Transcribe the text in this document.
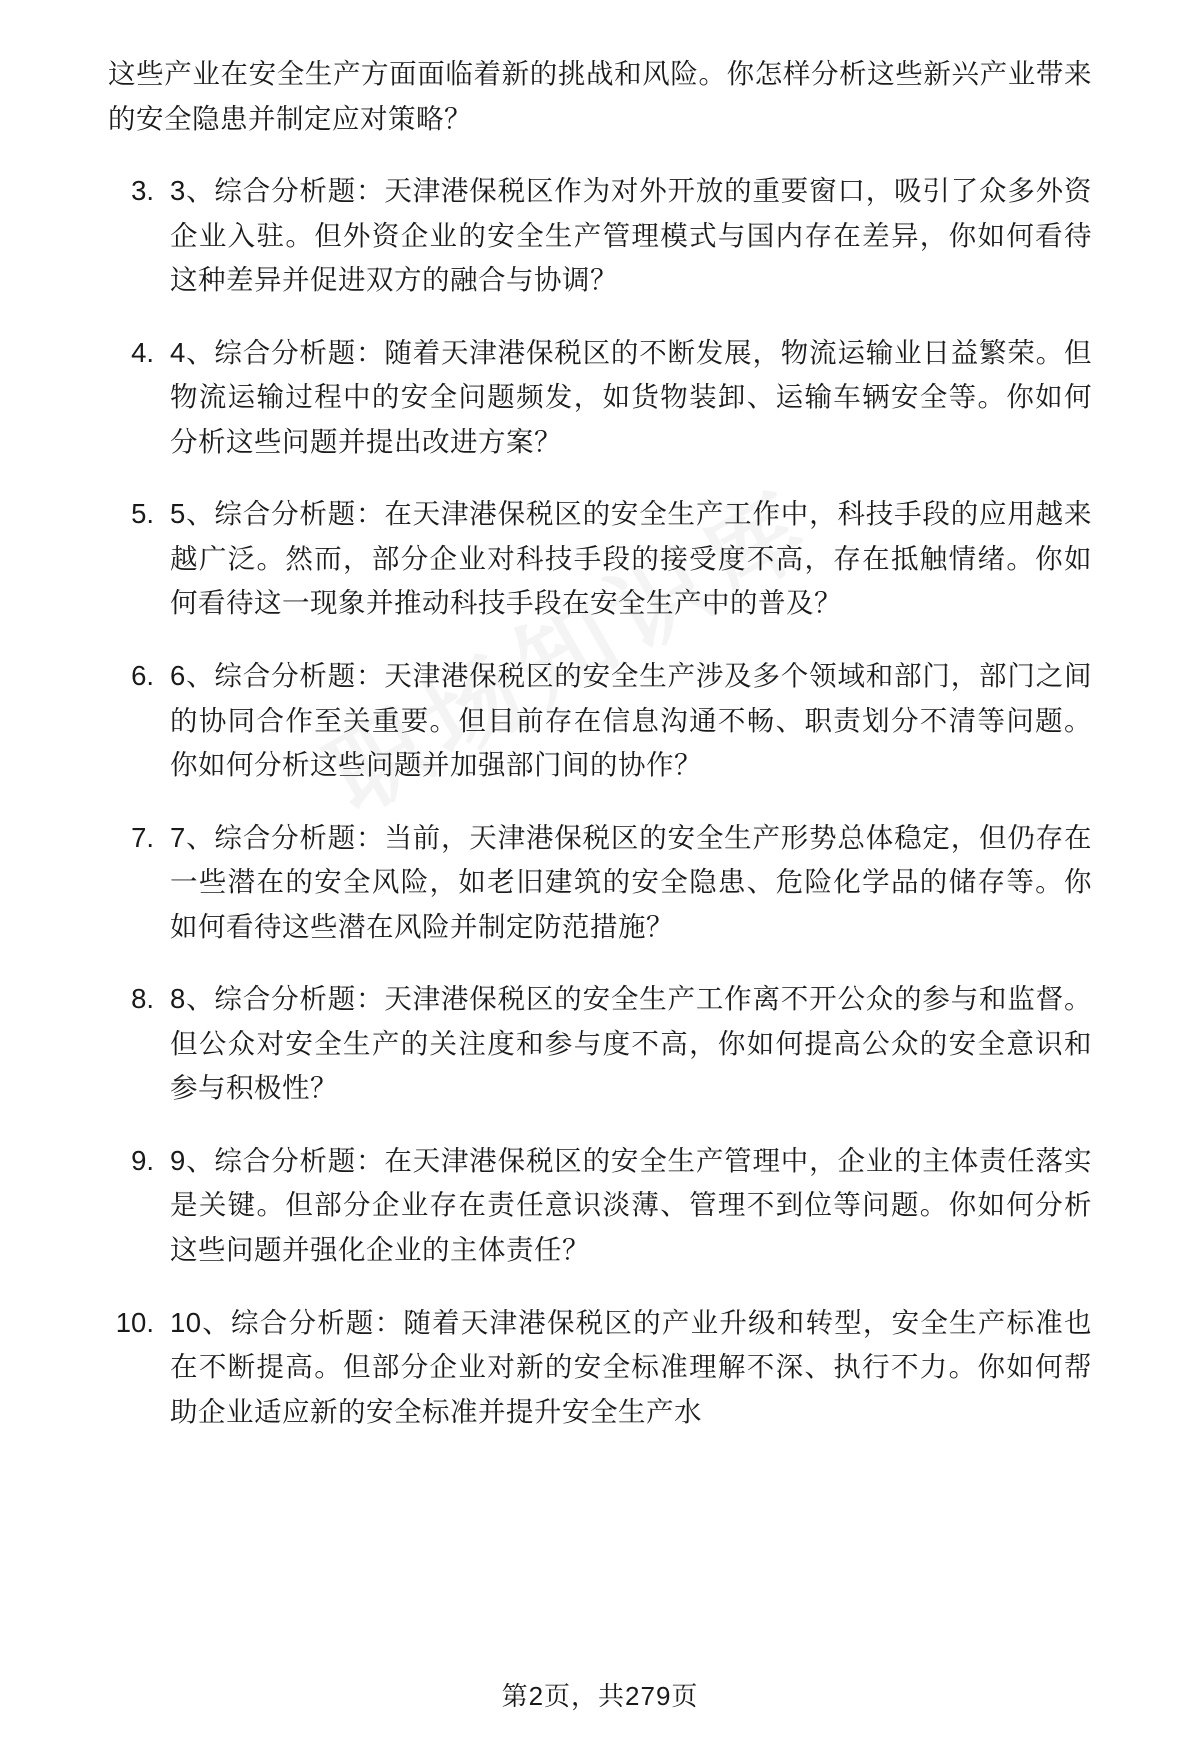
这些产业在安全生产方面面临着新的挑战和风险。你怎样分析这些新兴产业带来的安全隐患并制定应对策略？

3. 3、综合分析题：天津港保税区作为对外开放的重要窗口，吸引了众多外资企业入驻。但外资企业的安全生产管理模式与国内存在差异，你如何看待这种差异并促进双方的融合与协调？
4. 4、综合分析题：随着天津港保税区的不断发展，物流运输业日益繁荣。但物流运输过程中的安全问题频发，如货物装卸、运输车辆安全等。你如何分析这些问题并提出改进方案？
5. 5、综合分析题：在天津港保税区的安全生产工作中，科技手段的应用越来越广泛。然而，部分企业对科技手段的接受度不高，存在抵触情绪。你如何看待这一现象并推动科技手段在安全生产中的普及？
6. 6、综合分析题：天津港保税区的安全生产涉及多个领域和部门，部门之间的协同合作至关重要。但目前存在信息沟通不畅、职责划分不清等问题。你如何分析这些问题并加强部门间的协作？
7. 7、综合分析题：当前，天津港保税区的安全生产形势总体稳定，但仍存在一些潜在的安全风险，如老旧建筑的安全隐患、危险化学品的储存等。你如何看待这些潜在风险并制定防范措施？
8. 8、综合分析题：天津港保税区的安全生产工作离不开公众的参与和监督。但公众对安全生产的关注度和参与度不高，你如何提高公众的安全意识和参与积极性？
9. 9、综合分析题：在天津港保税区的安全生产管理中，企业的主体责任落实是关键。但部分企业存在责任意识淡薄、管理不到位等问题。你如何分析这些问题并强化企业的主体责任？
10. 10、综合分析题：随着天津港保税区的产业升级和转型，安全生产标准也在不断提高。但部分企业对新的安全标准理解不深、执行不力。你如何帮助企业适应新的安全标准并提升安全生产水
第2页，共279页
